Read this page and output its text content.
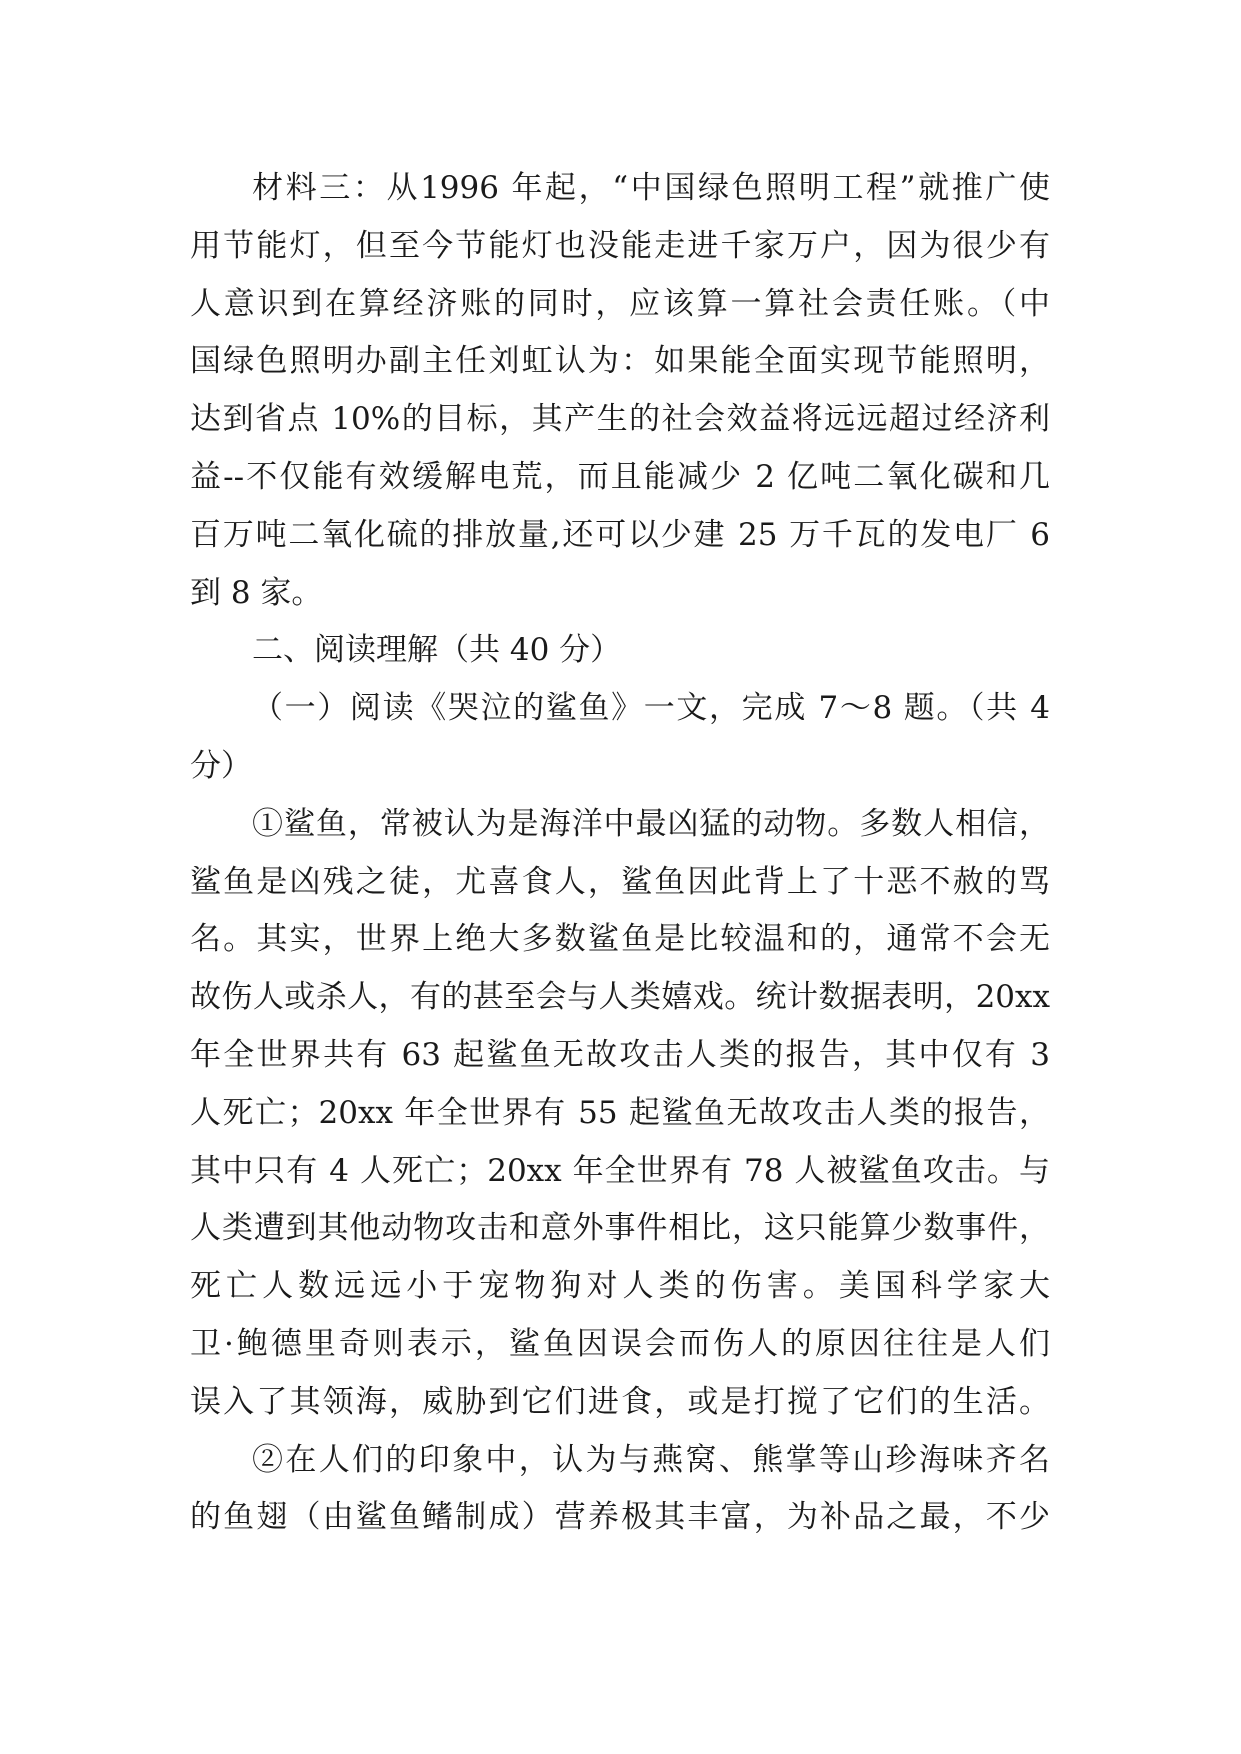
材料三：从1996 年起，“中国绿色照明工程”就推广使
用节能灯，但至今节能灯也没能走进千家万户，因为很少有
人意识到在算经济账的同时，应该算一算社会责任账。（中
国绿色照明办副主任刘虹认为：如果能全面实现节能照明，
达到省点 10%的目标，其产生的社会效益将远远超过经济利
益--不仅能有效缓解电荒，而且能减少 2 亿吨二氧化碳和几
百万吨二氧化硫的排放量,还可以少建 25 万千瓦的发电厂 6
到 8 家。
二、阅读理解（共 40 分）
（一）阅读《哭泣的鲨鱼》一文，完成 7～8 题。（共 4
分）
①鲨鱼，常被认为是海洋中最凶猛的动物。多数人相信，
鲨鱼是凶残之徒，尤喜食人，鲨鱼因此背上了十恶不赦的骂
名。其实，世界上绝大多数鲨鱼是比较温和的，通常不会无
故伤人或杀人，有的甚至会与人类嬉戏。统计数据表明，20xx
年全世界共有 63 起鲨鱼无故攻击人类的报告，其中仅有 3
人死亡；20xx 年全世界有 55 起鲨鱼无故攻击人类的报告，
其中只有 4 人死亡；20xx 年全世界有 78 人被鲨鱼攻击。与
人类遭到其他动物攻击和意外事件相比，这只能算少数事件，
死亡人数远远小于宠物狗对人类的伤害。美国科学家大
卫·鲍德里奇则表示，鲨鱼因误会而伤人的原因往往是人们
误入了其领海，威胁到它们进食，或是打搅了它们的生活。
②在人们的印象中，认为与燕窝、熊掌等山珍海味齐名
的鱼翅（由鲨鱼鳍制成）营养极其丰富，为补品之最，不少
